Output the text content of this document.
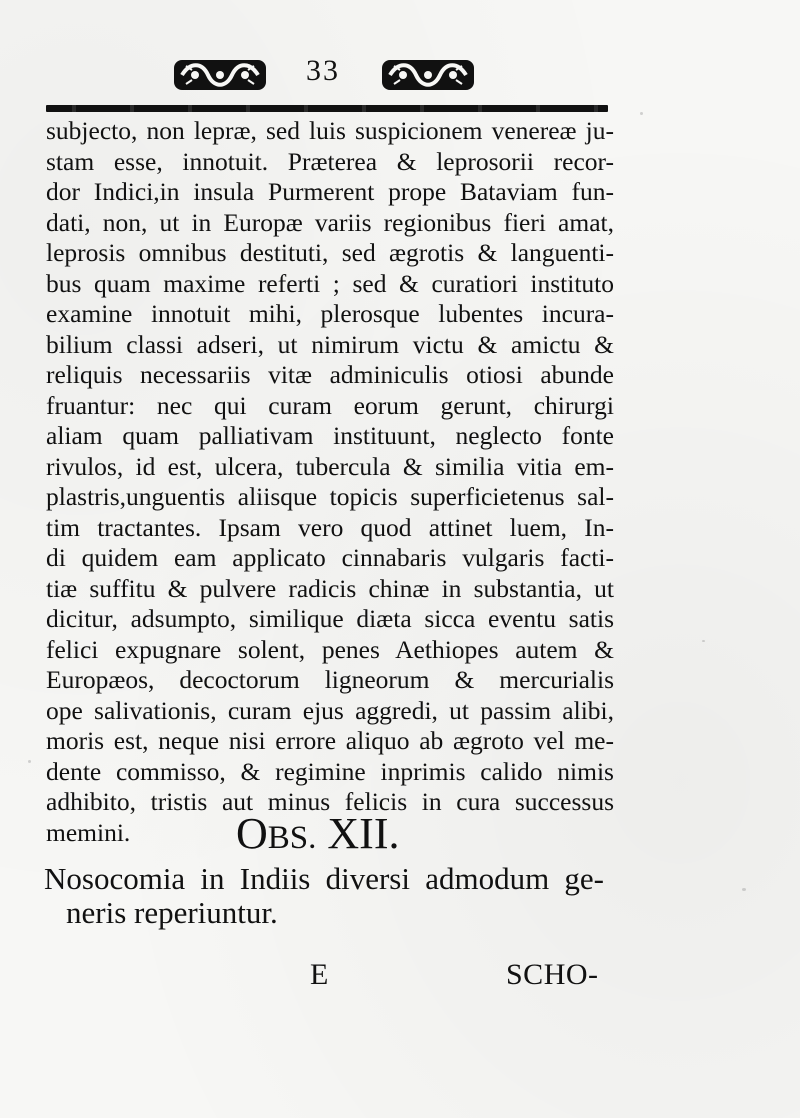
33
subjecto, non lepræ, sed luis suspicionem venereæ ju-
stam esse, innotuit. Præterea & leprosorii recor-
dor Indici,in insula Purmerent prope Bataviam fun-
dati, non, ut in Europæ variis regionibus fieri amat,
leprosis omnibus destituti, sed ægrotis & languenti-
bus quam maxime referti ; sed & curatiori instituto
examine innotuit mihi, plerosque lubentes incura-
bilium classi adseri, ut nimirum victu & amictu &
reliquis necessariis vitæ adminiculis otiosi abunde
fruantur: nec qui curam eorum gerunt, chirurgi
aliam quam palliativam instituunt, neglecto fonte
rivulos, id est, ulcera, tubercula & similia vitia em-
plastris,unguentis aliisque topicis superficietenus sal-
tim tractantes. Ipsam vero quod attinet luem, In-
di quidem eam applicato cinnabaris vulgaris facti-
tiæ suffitu & pulvere radicis chinæ in substantia, ut
dicitur, adsumpto, similique diæta sicca eventu satis
felici expugnare solent, penes Aethiopes autem &
Europæos, decoctorum ligneorum & mercurialis
ope salivationis, curam ejus aggredi, ut passim alibi,
moris est, neque nisi errore aliquo ab ægroto vel me-
dente commisso, & regimine inprimis calido nimis
adhibito, tristis aut minus felicis in cura successus
memini.	OBS. XII.
Nosocomia in Indiis diversi admodum ge-
neris reperiuntur.
E	SCHO-
